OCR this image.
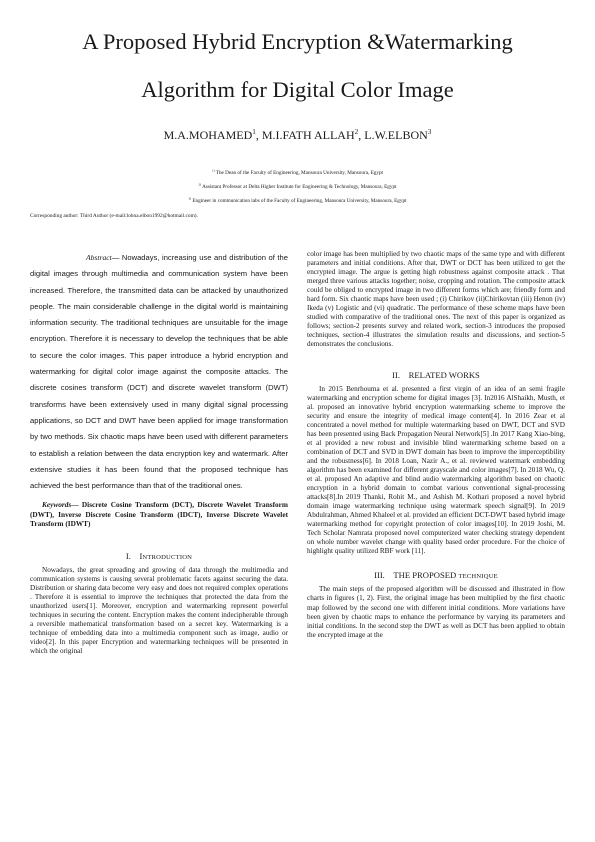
A Proposed Hybrid Encryption &Watermarking
Algorithm for Digital Color Image
M.A.MOHAMED$^1$, M.I.FATH ALLAH$^2$, L.W.ELBON$^3$
$^{1)}$ The Dean of the Faculty of Engineering, Mansoura University, Mansoura, Egypt
$^{2)}$ Assistant Professor at Delta Higher Institute for Engineering & Technology, Mansoura, Egypt
$^{3)}$ Engineer in communication labs of the Faculty of Engineering, Mansoura University, Mansoura, Egypt
Corresponding author: Third Author (e-mail:lobna.elbon1992@hotmail.com).

Abstract— Nowadays, increasing use and distribution of the digital images through multimedia and communication system have been increased. Therefore, the transmitted data can be attacked by unauthorized people. The main considerable challenge in the digital world is maintaining information security. The traditional techniques are unsuitable for the image encryption. Therefore it is necessary to develop the techniques that be able to secure the color images. This paper introduce a hybrid encryption and watermarking for digital color image against the composite attacks. The discrete cosines transform (DCT) and discrete wavelet transform (DWT) transforms have been extensively used in many digital signal processing applications, so DCT and DWT have been applied for image transformation by two methods. Six chaotic maps have been used with different parameters to establish a relation between the data encryption key and watermark. After extensive studies it has been found that the proposed technique has achieved the best performance than that of the traditional ones.

Keywords— Discrete Cosine Transform (DCT), Discrete Wavelet Transform (DWT), Inverse Discrete Cosine Transform (IDCT), Inverse Discrete Wavelet Transform (IDWT)

I. INTRODUCTION

Nowadays, the great spreading and growing of data through the multimedia and communication systems is causing several problematic facets against securing the data. Distribution or sharing data become very easy and does not required complex operations . Therefore it is essential to improve the techniques that protected the data from the unauthorized users[1]. Moreover, encryption and watermarking represent powerful techniques in securing the content. Encryption makes the content indecipherable through a reversible mathematical transformation based on a secret key. Watermarking is a technique of embedding data into a multimedia component such as image, audio or video[2]. In this paper Encryption and watermarking techniques will be presented in which the original

color image has been multiplied by two chaotic maps of the same type and with different parameters and initial conditions. After that, DWT or DCT has been utilized to get the encrypted image. The argue is getting high robustness against composite attack . That merged three various attacks together; noise, cropping and rotation. The composite attack could be obliged to encrypted image in two different forms which are; friendly form and hard form. Six chaotic maps have been used ; (i) Chirikov (ii)Chirikovtan (iii) Henon (iv) Ikeda (v) Logistic and (vi) quadratic. The performance of these scheme maps have been studied with comparative of the traditional ones. The next of this paper is organized as follows; section-2 presents survey and related work, section-3 introduces the proposed techniques, section-4 illustrates the simulation results and discussions, and section-5 demonstrates the conclusions.

II. RELATED WORKS

In 2015 Benrhouma et al. presented a first virgin of an idea of an semi fragile watermarking and encryption scheme for digital images [3]. In2016 AlShaikh, Musth, et al. proposed an innovative hybrid encryption watermarking scheme to improve the security and ensure the integrity of medical image content[4]. In 2016 Zear et al concentrated a novel method for multiple watermarking based on DWT, DCT and SVD has been presented using Back Propagation Neural Network[5] .In 2017 Kang Xiao-bing, et al provided a new robust and invisible blind watermarking scheme based on a combination of DCT and SVD in DWT domain has been to improve the imperceptibility and the robustness[6]. In 2018 Loan, Nazir A., et al. reviewed watermark embedding algorithm has been examined for different grayscale and color images[7]. In 2018 Wu, Q. et al. proposed An adaptive and blind audio watermarking algorithm based on chaotic encryption in a hybrid domain to combat various conventional signal-processing attacks[8].In 2019 Thanki, Rohit M., and Ashish M. Kothari proposed a novel hybrid domain image watermarking technique using watermark speech signal[9]. In 2019 Abdulrahman, Ahmed Khaleel et al. provided an efficient DCT-DWT based hybrid image watermarking method for copyright protection of color images[10]. In 2019 Joshi, M. Tech Scholar Namrata proposed novel computerized water checking strategy dependent on whole number wavelet change with quality based order procedure. For the choice of highlight quality utilized RBF work [11].

III. THE PROPOSED TECHNIQUE

The main steps of the proposed algorithm will be discussed and illustrated in flow charts in figures (1, 2). First, the original image has been multiplied by the first chaotic map followed by the second one with different initial conditions. More variations have been given by chaotic maps to enhance the performance by varying its parameters and initial conditions. In the second step the DWT as well as DCT has been applied to obtain the encrypted image at the
